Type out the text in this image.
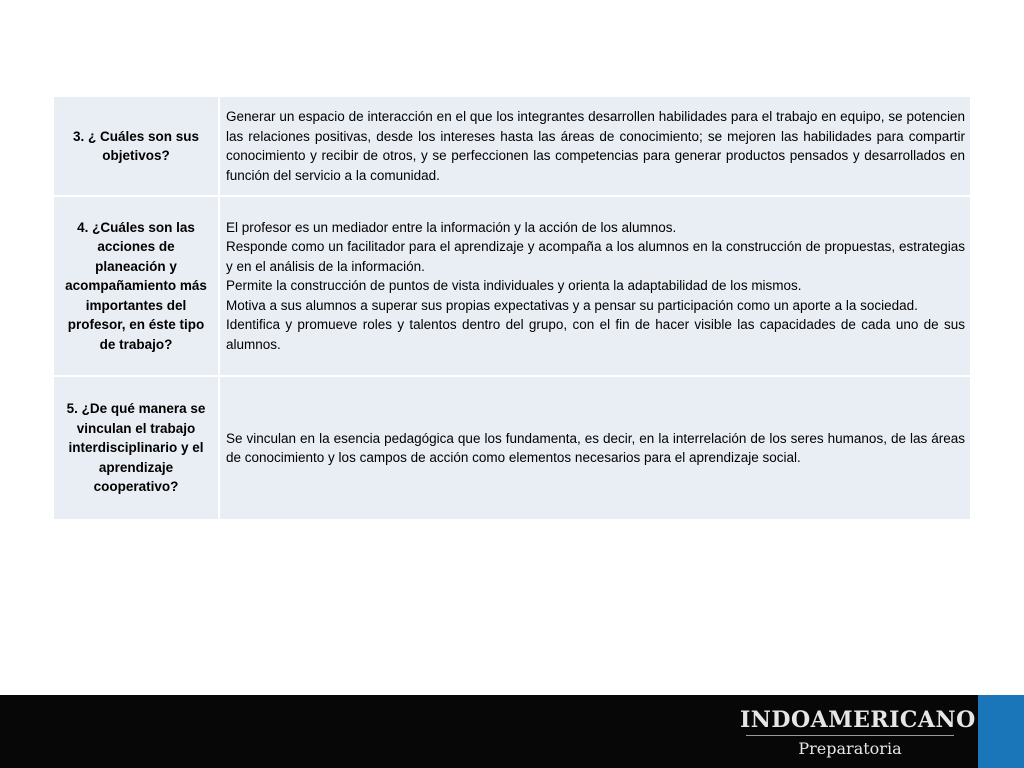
3. ¿ Cuáles son sus objetivos?	Generar un espacio de interacción en el que los integrantes desarrollen habilidades para el trabajo en equipo, se potencien las relaciones positivas, desde los intereses hasta las áreas de conocimiento; se mejoren las habilidades para compartir conocimiento y recibir de otros, y se perfeccionen las competencias para generar productos pensados y desarrollados en función del servicio a la comunidad.

4. ¿Cuáles son las acciones de planeación y acompañamiento más importantes del profesor, en éste tipo de trabajo?	El profesor es un mediador entre la información y la acción de los alumnos.

Responde como un facilitador para el aprendizaje y acompaña a los alumnos en la construcción de propuestas, estrategias y en el análisis de la información.

Permite la construcción de puntos de vista individuales y orienta la adaptabilidad de los mismos.

Motiva a sus alumnos a superar sus propias expectativas y a pensar su participación como un aporte a la sociedad.

Identifica y promueve roles y talentos dentro del grupo, con el fin de hacer visible las capacidades de cada uno de sus alumnos.

5. ¿De qué manera se vinculan el trabajo interdisciplinario y el aprendizaje cooperativo?	Se vinculan en la esencia pedagógica que los fundamenta, es decir, en la interrelación de los seres humanos, de las áreas de conocimiento y los campos de acción como elementos necesarios para el aprendizaje social.

INDOAMERICANO
Preparatoria
